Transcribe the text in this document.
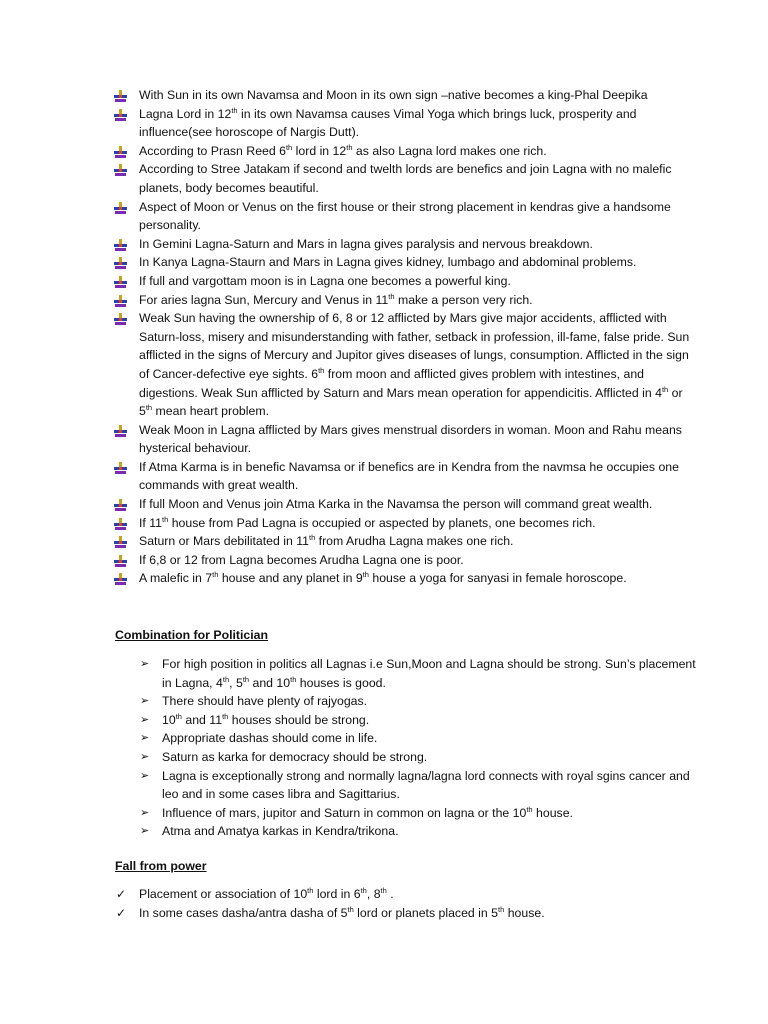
With Sun in its own Navamsa and Moon in its own sign –native becomes a king-Phal Deepika
Lagna Lord in 12th in its own Navamsa causes Vimal Yoga which brings luck, prosperity and influence(see horoscope of Nargis Dutt).
According to Prasn Reed 6th lord in 12th as also Lagna lord makes one rich.
According to Stree Jatakam if second and twelth lords are benefics and join Lagna with no malefic planets, body becomes beautiful.
Aspect of Moon or Venus on the first house or their strong placement in kendras give a handsome personality.
In Gemini Lagna-Saturn and Mars in lagna gives paralysis and nervous breakdown.
In Kanya Lagna-Staurn and Mars in Lagna gives kidney, lumbago and abdominal problems.
If full and vargottam moon is in Lagna one becomes a powerful king.
For aries lagna Sun, Mercury and Venus in 11th make a person very rich.
Weak Sun having the ownership of 6, 8 or 12 afflicted by Mars give major accidents, afflicted with Saturn-loss, misery and misunderstanding with father, setback in profession, ill-fame, false pride. Sun afflicted in the signs of Mercury and Jupitor gives diseases of lungs, consumption. Afflicted in the sign of Cancer-defective eye sights. 6th from moon and afflicted gives problem with intestines, and digestions. Weak Sun afflicted by Saturn and Mars mean operation for appendicitis. Afflicted in 4th or 5th mean heart problem.
Weak Moon in Lagna afflicted by Mars gives menstrual disorders in woman. Moon and Rahu means hysterical behaviour.
If Atma Karma is in benefic Navamsa or if benefics are in Kendra from the navmsa he occupies one commands with great wealth.
If full Moon and Venus join Atma Karka in the Navamsa the person will command great wealth.
If 11th house from Pad Lagna is occupied or aspected by planets, one becomes rich.
Saturn or Mars debilitated in 11th from Arudha Lagna makes one rich.
If 6,8 or 12 from Lagna becomes Arudha Lagna one is poor.
A malefic in 7th house and any planet in 9th house a yoga for sanyasi in female horoscope.
Combination for Politician
➢ For high position in politics all Lagnas i.e Sun,Moon and Lagna should be strong. Sun’s placement in Lagna, 4th, 5th and 10th houses is good.
➢ There should have plenty of rajyogas.
➢ 10th and 11th houses should be strong.
➢ Appropriate dashas should come in life.
➢ Saturn as karka for democracy should be strong.
➢ Lagna is exceptionally strong and normally lagna/lagna lord connects with royal sgins cancer and leo and in some cases libra and Sagittarius.
➢ Influence of mars, jupitor and Saturn in common on lagna or the 10th house.
➢ Atma and Amatya karkas in Kendra/trikona.
Fall from power
✓ Placement or association of 10th lord in 6th, 8th .
✓ In some cases dasha/antra dasha of 5th lord or planets placed in 5th house.
